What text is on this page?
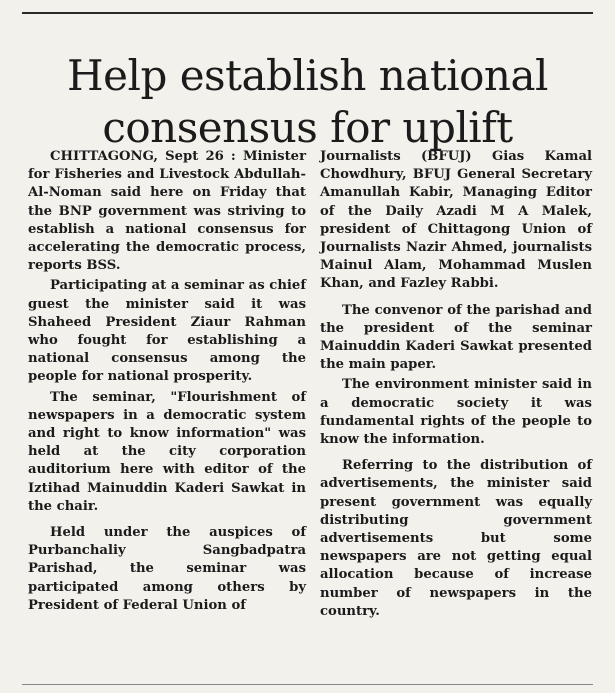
Help establish national
consensus for uplift

CHITTAGONG, Sept 26 : Minister for Fisheries and Livestock Abdullah-Al-Noman said here on Friday that the BNP government was striving to establish a national consensus for accelerating the democratic process, reports BSS.

Participating at a seminar as chief guest the minister said it was Shaheed President Ziaur Rahman who fought for establishing a national consensus among the people for national prosperity.

The seminar, "Flourishment of newspapers in a democratic system and right to know information" was held at the city corporation auditorium here with editor of the Iztihad Mainuddin Kaderi Sawkat in the chair.

Held under the auspices of Purbanchaliy Sangbadpatra Parishad, the seminar was participated among others by President of Federal Union of

Journalists (BFUJ) Gias Kamal Chowdhury, BFUJ General Secretary Amanullah Kabir, Managing Editor of the Daily Azadi M A Malek, president of Chittagong Union of Journalists Nazir Ahmed, journalists Mainul Alam, Mohammad Muslen Khan, and Fazley Rabbi.

The convenor of the parishad and the president of the seminar Mainuddin Kaderi Sawkat presented the main paper.

The environment minister said in a democratic society it was fundamental rights of the people to know the information.

Referring to the distribution of advertisements, the minister said present government was equally distributing government advertisements but some newspapers are not getting equal allocation because of increase number of newspapers in the country.
